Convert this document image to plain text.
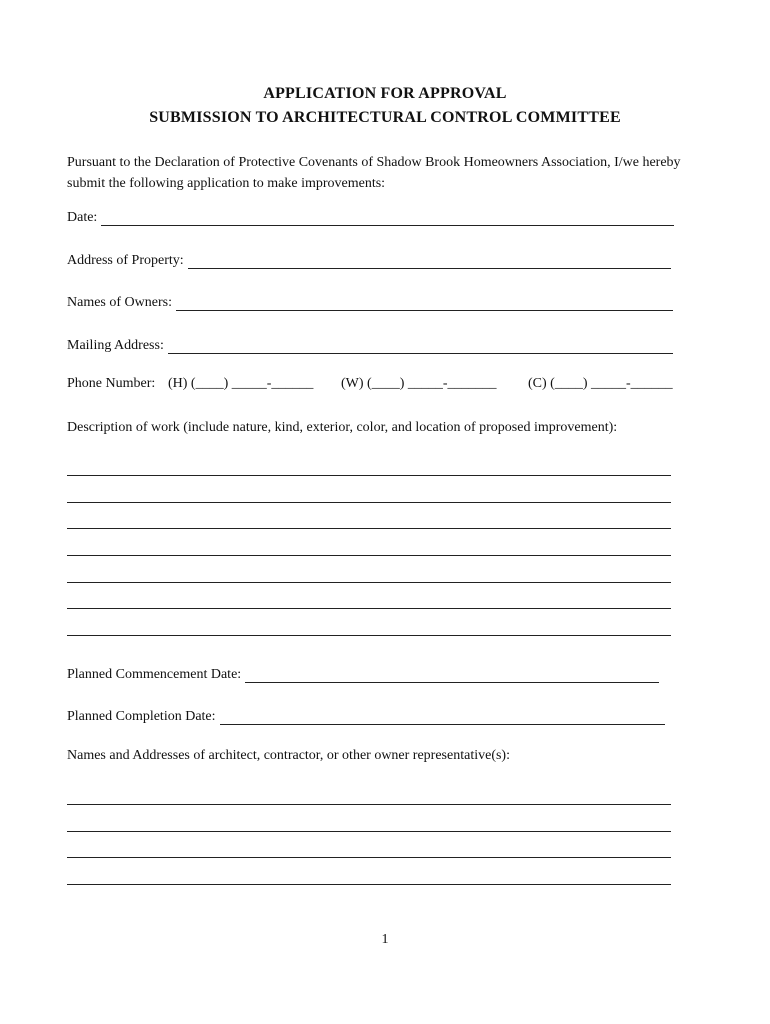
APPLICATION FOR APPROVAL
SUBMISSION TO ARCHITECTURAL CONTROL COMMITTEE
Pursuant to the Declaration of Protective Covenants of Shadow Brook Homeowners Association, I/we hereby submit the following application to make improvements:
Date:
Address of Property:
Names of Owners:
Mailing Address:
Phone Number: (H) (____) _____-______ (W) (____) _____-_______ (C) (____) _____-______
Description of work (include nature, kind, exterior, color, and location of proposed improvement):
Planned Commencement Date:
Planned Completion Date:
Names and Addresses of architect, contractor, or other owner representative(s):
1
